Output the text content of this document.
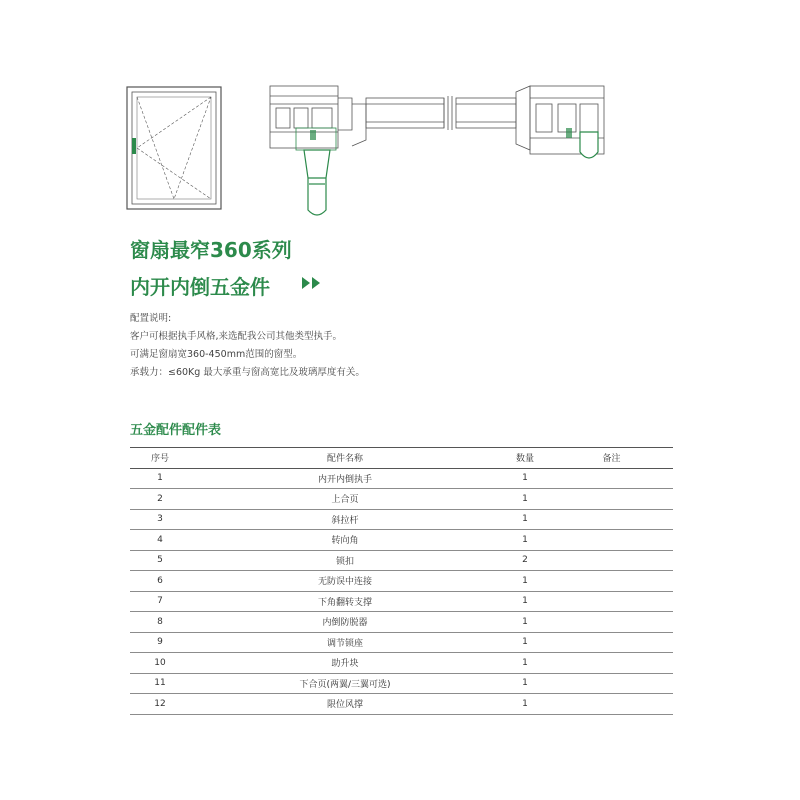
窗扇最窄360系列
内开内倒五金件
配置说明:
客户可根据执手风格,来选配我公司其他类型执手。
可满足窗扇宽360-450mm范围的窗型。
承载力：≤60Kg 最大承重与窗高宽比及玻璃厚度有关。
五金配件配件表
序号	配件名称	数量	备注
1	内开内倒执手	1	
2	上合页	1	
3	斜拉杆	1	
4	转向角	1	
5	锁扣	2	
6	无防误中连接	1	
7	下角翻转支撑	1	
8	内倒防脱器	1	
9	调节锁座	1	
10	助升块	1	
11	下合页(两翼/三翼可选)	1	
12	限位风撑	1	
